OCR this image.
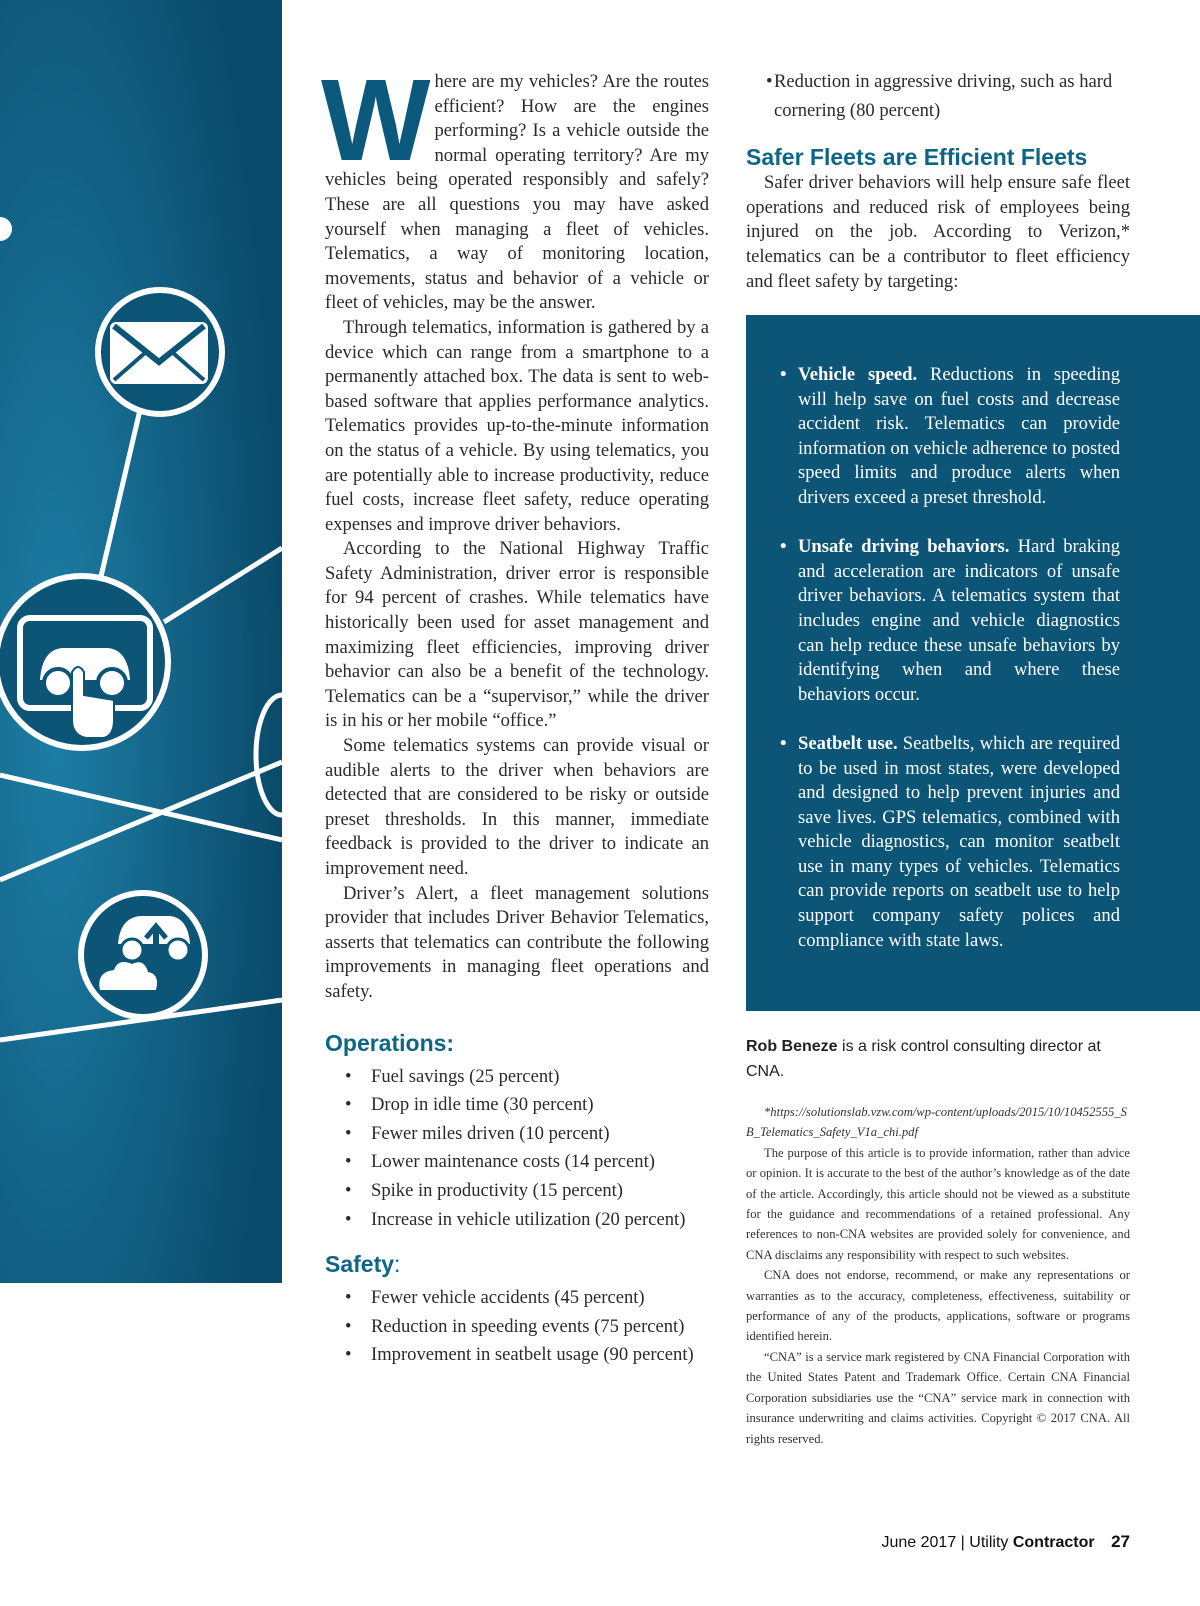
Where are my vehicles? Are the routes efficient? How are the engines performing? Is a vehicle outside the normal operating territory? Are my vehicles being operated responsibly and safely? These are all questions you may have asked yourself when managing a fleet of vehicles. Telematics, a way of monitoring location, movements, status and behavior of a vehicle or fleet of vehicles, may be the answer.

Through telematics, information is gathered by a device which can range from a smartphone to a permanently attached box. The data is sent to web-based software that applies performance analytics. Telematics provides up-to-the-minute information on the status of a vehicle. By using telematics, you are potentially able to increase productivity, reduce fuel costs, increase fleet safety, reduce operating expenses and improve driver behaviors.

According to the National Highway Traffic Safety Administration, driver error is responsible for 94 percent of crashes. While telematics have historically been used for asset management and maximizing fleet efficiencies, improving driver behavior can also be a benefit of the technology. Telematics can be a “supervisor,” while the driver is in his or her mobile “office.”

Some telematics systems can provide visual or audible alerts to the driver when behaviors are detected that are considered to be risky or outside preset thresholds. In this manner, immediate feedback is provided to the driver to indicate an improvement need.

Driver’s Alert, a fleet management solutions provider that includes Driver Behavior Telematics, asserts that telematics can contribute the following improvements in managing fleet operations and safety.

Operations:
• Fuel savings (25 percent)
• Drop in idle time (30 percent)
• Fewer miles driven (10 percent)
• Lower maintenance costs (14 percent)
• Spike in productivity (15 percent)
• Increase in vehicle utilization (20 percent)
Safety:
• Fewer vehicle accidents (45 percent)
• Reduction in speeding events (75 percent)
• Improvement in seatbelt usage (90 percent)
• Reduction in aggressive driving, such as hard cornering (80 percent)
Safer Fleets are Efficient Fleets

Safer driver behaviors will help ensure safe fleet operations and reduced risk of employees being injured on the job. According to Verizon,* telematics can be a contributor to fleet efficiency and fleet safety by targeting:

• Vehicle speed. Reductions in speeding will help save on fuel costs and decrease accident risk. Telematics can provide information on vehicle adherence to posted speed limits and produce alerts when drivers exceed a preset threshold.
• Unsafe driving behaviors. Hard braking and acceleration are indicators of unsafe driver behaviors. A telematics system that includes engine and vehicle diagnostics can help reduce these unsafe behaviors by identifying when and where these behaviors occur.
• Seatbelt use. Seatbelts, which are required to be used in most states, were developed and designed to help prevent injuries and save lives. GPS telematics, combined with vehicle diagnostics, can monitor seatbelt use in many types of vehicles. Telematics can provide reports on seatbelt use to help support company safety polices and compliance with state laws.
Rob Beneze is a risk control consulting director at CNA.

*https://solutionslab.vzw.com/wp-content/uploads/2015/10/10452555_SB_Telematics_Safety_V1a_chi.pdf

The purpose of this article is to provide information, rather than advice or opinion. It is accurate to the best of the author’s knowledge as of the date of the article. Accordingly, this article should not be viewed as a substitute for the guidance and recommendations of a retained professional. Any references to non-CNA websites are provided solely for convenience, and CNA disclaims any responsibility with respect to such websites.

CNA does not endorse, recommend, or make any representations or warranties as to the accuracy, completeness, effectiveness, suitability or performance of any of the products, applications, software or programs identified herein.

“CNA” is a service mark registered by CNA Financial Corporation with the United States Patent and Trademark Office. Certain CNA Financial Corporation subsidiaries use the “CNA” service mark in connection with insurance underwriting and claims activities. Copyright © 2017 CNA. All rights reserved.

June 2017 | Utility Contractor 27
